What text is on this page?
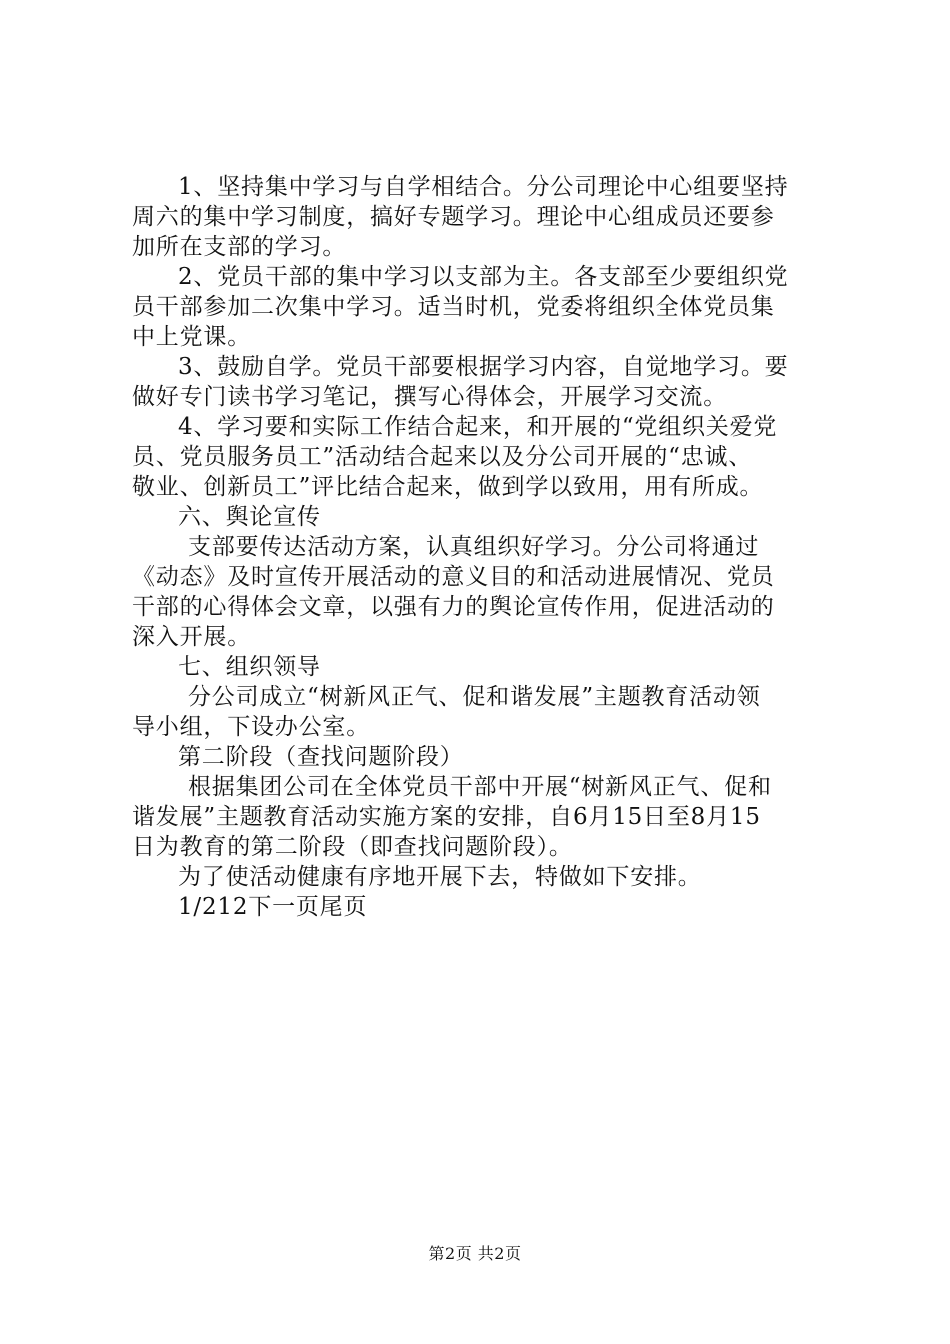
1、坚持集中学习与自学相结合。分公司理论中心组要坚持

周六的集中学习制度，搞好专题学习。理论中心组成员还要参

加所在支部的学习。

2、党员干部的集中学习以支部为主。各支部至少要组织党

员干部参加二次集中学习。适当时机，党委将组织全体党员集

中上党课。

3、鼓励自学。党员干部要根据学习内容，自觉地学习。要

做好专门读书学习笔记，撰写心得体会，开展学习交流。

4、学习要和实际工作结合起来，和开展的“党组织关爱党

员、党员服务员工”活动结合起来以及分公司开展的“忠诚、

敬业、创新员工”评比结合起来，做到学以致用，用有所成。

六、舆论宣传

支部要传达活动方案，认真组织好学习。分公司将通过

《动态》及时宣传开展活动的意义目的和活动进展情况、党员

干部的心得体会文章，以强有力的舆论宣传作用，促进活动的

深入开展。

七、组织领导

分公司成立“树新风正气、促和谐发展”主题教育活动领

导小组，下设办公室。

第二阶段（查找问题阶段）

根据集团公司在全体党员干部中开展“树新风正气、促和

谐发展”主题教育活动实施方案的安排，自6月15日至8月15

日为教育的第二阶段（即查找问题阶段）。

为了使活动健康有序地开展下去，特做如下安排。

1/212下一页尾页

第2页 共2页
